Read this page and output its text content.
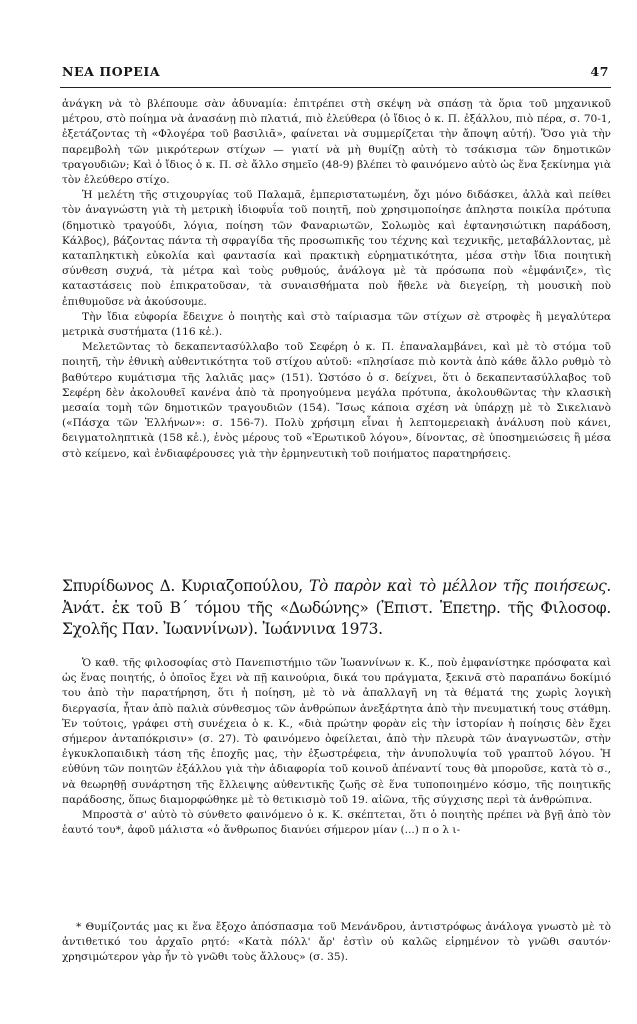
ΝΕΑ ΠΟΡΕΙΑ	47

ἀνάγκη νὰ τὸ βλέπουμε σὰν ἀδυναμία: ἐπιτρέπει στὴ σκέψη νὰ σπάσῃ τὰ ὅρια τοῦ μηχανικοῦ μέτρου, στὸ ποίημα νὰ ἀνασάνῃ πιὸ πλατιά, πιὸ ἐλεύθερα (ὁ ἴδιος ὁ κ. Π. ἐξάλλου, πιὸ πέρα, σ. 70-1, ἐξετάζοντας τὴ «Φλογέρα τοῦ βασιλιᾶ», φαίνεται νὰ συμμερίζεται τὴν ἄποψη αὐτή). Ὅσο γιὰ τὴν παρεμβολὴ τῶν μικρότερων στίχων — γιατί νὰ μὴ θυμίζῃ αὐτὴ τὸ τσάκισμα τῶν δημοτικῶν τραγουδιῶν; Καὶ ὁ ἴδιος ὁ κ. Π. σὲ ἄλλο σημεῖο (48-9) βλέπει τὸ φαινόμενο αὐτὸ ὡς ἕνα ξεκίνημα γιὰ τὸν ἐλεύθερο στίχο.

Ἡ μελέτη τῆς στιχουργίας τοῦ Παλαμᾶ, ἐμπεριστατωμένη, ὄχι μόνο διδάσκει, ἀλλὰ καὶ πείθει τὸν ἀναγνώστη γιὰ τὴ μετρικὴ ἰδιοφυΐα τοῦ ποιητῆ, ποὺ χρησιμοποίησε ἀπληστα ποικίλα πρότυπα (δημοτικὸ τραγούδι, λόγια, ποίηση τῶν Φαναριωτῶν, Σολωμὸς καὶ ἑφτανησιώτικη παράδοση, Κάλβος), βάζοντας πάντα τὴ σφραγίδα τῆς προσωπικῆς του τέχνης καὶ τεχνικῆς, μεταβάλλοντας, μὲ καταπληκτικὴ εὐκολία καὶ φαντασία καὶ πρακτικὴ εὐρηματικότητα, μέσα στὴν ἴδια ποιητικὴ σύνθεση συχνά, τὰ μέτρα καὶ τοὺς ρυθμούς, ἀνάλογα μὲ τὰ πρόσωπα ποὺ «ἐμφάνιζε», τὶς καταστάσεις ποὺ ἐπικρατοῦσαν, τὰ συναισθήματα ποὺ ἤθελε νὰ διεγείρῃ, τὴ μουσικὴ ποὺ ἐπιθυμοῦσε νὰ ἀκούσουμε.

Τὴν ἴδια εὐφορία ἔδειχνε ὁ ποιητὴς καὶ στὸ ταίριασμα τῶν στίχων σὲ στροφὲς ἢ μεγαλύτερα μετρικὰ συστήματα (116 κἑ.).

Μελετῶντας τὸ δεκαπεντασύλλαβο τοῦ Σεφέρη ὁ κ. Π. ἐπαναλαμβάνει, καὶ μὲ τὸ στόμα τοῦ ποιητῆ, τὴν ἐθνικὴ αὐθεντικότητα τοῦ στίχου αὐτοῦ: «πλησίασε πιὸ κοντὰ ἀπὸ κάθε ἄλλο ρυθμὸ τὸ βαθύτερο κυμάτισμα τῆς λαλιᾶς μας» (151). Ὡστόσο ὁ σ. δείχνει, ὅτι ὁ δεκαπεντασύλλαβος τοῦ Σεφέρη δὲν ἀκολουθεῖ κανένα ἀπὸ τὰ προηγούμενα μεγάλα πρότυπα, ἀκολουθῶντας τὴν κλασικὴ μεσαία τομὴ τῶν δημοτικῶν τραγουδιῶν (154). Ἴσως κάποια σχέση νὰ ὑπάρχῃ μὲ τὸ Σικελιανὸ («Πάσχα τῶν Ἑλλήνων»: σ. 156-7). Πολὺ χρήσιμη εἶναι ἡ λεπτομερειακὴ ἀνάλυση ποὺ κάνει, δειγματοληπτικὰ (158 κἑ.), ἑνὸς μέρους τοῦ «Ἐρωτικοῦ λόγου», δίνοντας, σὲ ὑποσημειώσεις ἢ μέσα στὸ κείμενο, καὶ ἐνδιαφέρουσες γιὰ τὴν ἑρμηνευτικὴ τοῦ ποιήματος παρατηρήσεις.

Σπυρίδωνος Δ. Κυριαζοπούλου, Τὸ παρὸν καὶ τὸ μέλλον τῆς ποιήσεως. Ἀνάτ. ἐκ τοῦ Β΄ τόμου τῆς «Δωδώνης» (Ἐπιστ. Ἐπετηρ. τῆς Φιλοσοφ. Σχολῆς Παν. Ἰωαννίνων). Ἰωάννινα 1973.

Ὁ καθ. τῆς φιλοσοφίας στὸ Πανεπιστήμιο τῶν Ἰωαννίνων κ. Κ., ποὺ ἐμφανίστηκε πρόσφατα καὶ ὡς ἕνας ποιητής, ὁ ὁποῖος ἔχει νὰ πῇ καινούρια, δικά του πράγματα, ξεκινᾶ στὸ παραπάνω δοκίμιό του ἀπὸ τὴν παρατήρηση, ὅτι ἡ ποίηση, μὲ τὸ νὰ ἀπαλλαγῆ νη τὰ θέματά της χωρὶς λογικὴ διεργασία, ἦταν ἀπὸ παλιὰ σύνθεσμος τῶν ἀνθρώπων ἀνεξάρτητα ἀπὸ τὴν πνευματική τους στάθμη. Ἐν τούτοις, γράφει στὴ συνέχεια ὁ κ. Κ., «διὰ πρώτην φορὰν εἰς τὴν ἱστορίαν ἡ ποίησις δὲν ἔχει σήμερον ἀνταπόκρισιν» (σ. 27). Τὸ φαινόμενο ὀφείλεται, ἀπὸ τὴν πλευρὰ τῶν ἀναγνωστῶν, στὴν ἐγκυκλοπαιδικὴ τάση τῆς ἐποχῆς μας, τὴν ἐξωστρέφεια, τὴν ἀνυπολυψία τοῦ γραπτοῦ λόγου. Ἡ εὐθύνη τῶν ποιητῶν ἐξάλλου γιὰ τὴν ἀδιαφορία τοῦ κοινοῦ ἀπέναντί τους θὰ μποροῦσε, κατὰ τὸ σ., νὰ θεωρηθῇ συνάρτηση τῆς ἔλλειψης αὐθεντικῆς ζωῆς σὲ ἕνα τυποποιημένο κόσμο, τῆς ποιητικῆς παράδοσης, ὅπως διαμορφώθηκε μὲ τὸ θετικισμὸ τοῦ 19. αἰῶνα, τῆς σύγχισης περὶ τὰ ἀνθρώπινα.

Μπροστὰ σ' αὐτὸ τὸ σύνθετο φαινόμενο ὁ κ. Κ. σκέπτεται, ὅτι ὁ ποιητὴς πρέπει νὰ βγῇ ἀπὸ τὸν ἑαυτό του*, ἀφοῦ μάλιστα «ὁ ἄνθρωπος διανύει σήμερον μίαν (...) π ο λ ι-

* Θυμίζοντάς μας κι ἕνα ἔξοχο ἀπόσπασμα τοῦ Μενάνδρου, ἀντιστρόφως ἀνάλογα γνωστὸ μὲ τὸ ἀντιθετικό του ἀρχαῖο ρητό: «Κατὰ πόλλ' ἄρ' ἐστὶν οὐ καλῶς εἰρημένον τὸ γνῶθι σαυτόν· χρησιμώτερον γὰρ ἦν τὸ γνῶθι τοὺς ἄλλους» (σ. 35).
